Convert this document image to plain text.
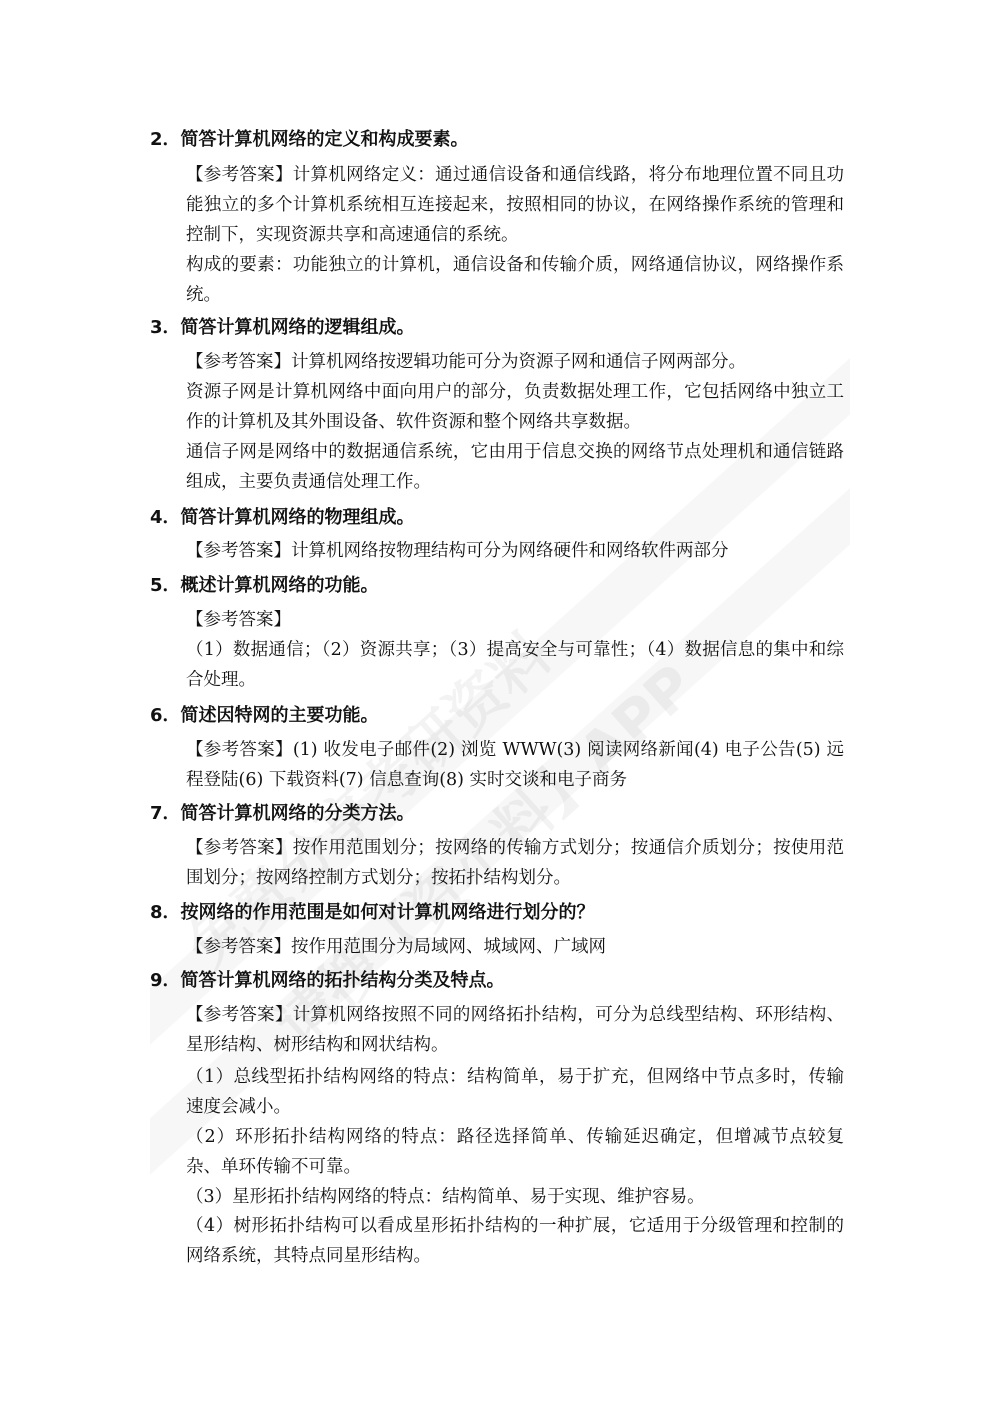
2．简答计算机网络的定义和构成要素。
【参考答案】计算机网络定义：通过通信设备和通信线路，将分布地理位置不同且功能独立的多个计算机系统相互连接起来，按照相同的协议，在网络操作系统的管理和控制下，实现资源共享和高速通信的系统。
构成的要素：功能独立的计算机，通信设备和传输介质，网络通信协议，网络操作系统。
3．简答计算机网络的逻辑组成。
【参考答案】计算机网络按逻辑功能可分为资源子网和通信子网两部分。
资源子网是计算机网络中面向用户的部分，负责数据处理工作，它包括网络中独立工作的计算机及其外围设备、软件资源和整个网络共享数据。
通信子网是网络中的数据通信系统，它由用于信息交换的网络节点处理机和通信链路组成，主要负责通信处理工作。
4．简答计算机网络的物理组成。
【参考答案】计算机网络按物理结构可分为网络硬件和网络软件两部分
5．概述计算机网络的功能。
【参考答案】
（1）数据通信；（2）资源共享；（3）提高安全与可靠性；（4）数据信息的集中和综合处理。
6．简述因特网的主要功能。
【参考答案】(1) 收发电子邮件(2) 浏览 WWW(3) 阅读网络新闻(4) 电子公告(5) 远程登陆(6) 下载资料(7) 信息查询(8) 实时交谈和电子商务
7．简答计算机网络的分类方法。
【参考答案】按作用范围划分；按网络的传输方式划分；按通信介质划分；按使用范围划分；按网络控制方式划分；按拓扑结构划分。
8．按网络的作用范围是如何对计算机网络进行划分的？
【参考答案】按作用范围分为局域网、城域网、广域网
9．简答计算机网络的拓扑结构分类及特点。
【参考答案】计算机网络按照不同的网络拓扑结构，可分为总线型结构、环形结构、星形结构、树形结构和网状结构。
（1）总线型拓扑结构网络的特点：结构简单，易于扩充，但网络中节点多时，传输速度会减小。
（2）环形拓扑结构网络的特点：路径选择简单、传输延迟确定，但增减节点较复杂、单环传输不可靠。
（3）星形拓扑结构网络的特点：结构简单、易于实现、维护容易。
（4）树形拓扑结构可以看成星形拓扑结构的一种扩展，它适用于分级管理和控制的网络系统，其特点同星形结构。
